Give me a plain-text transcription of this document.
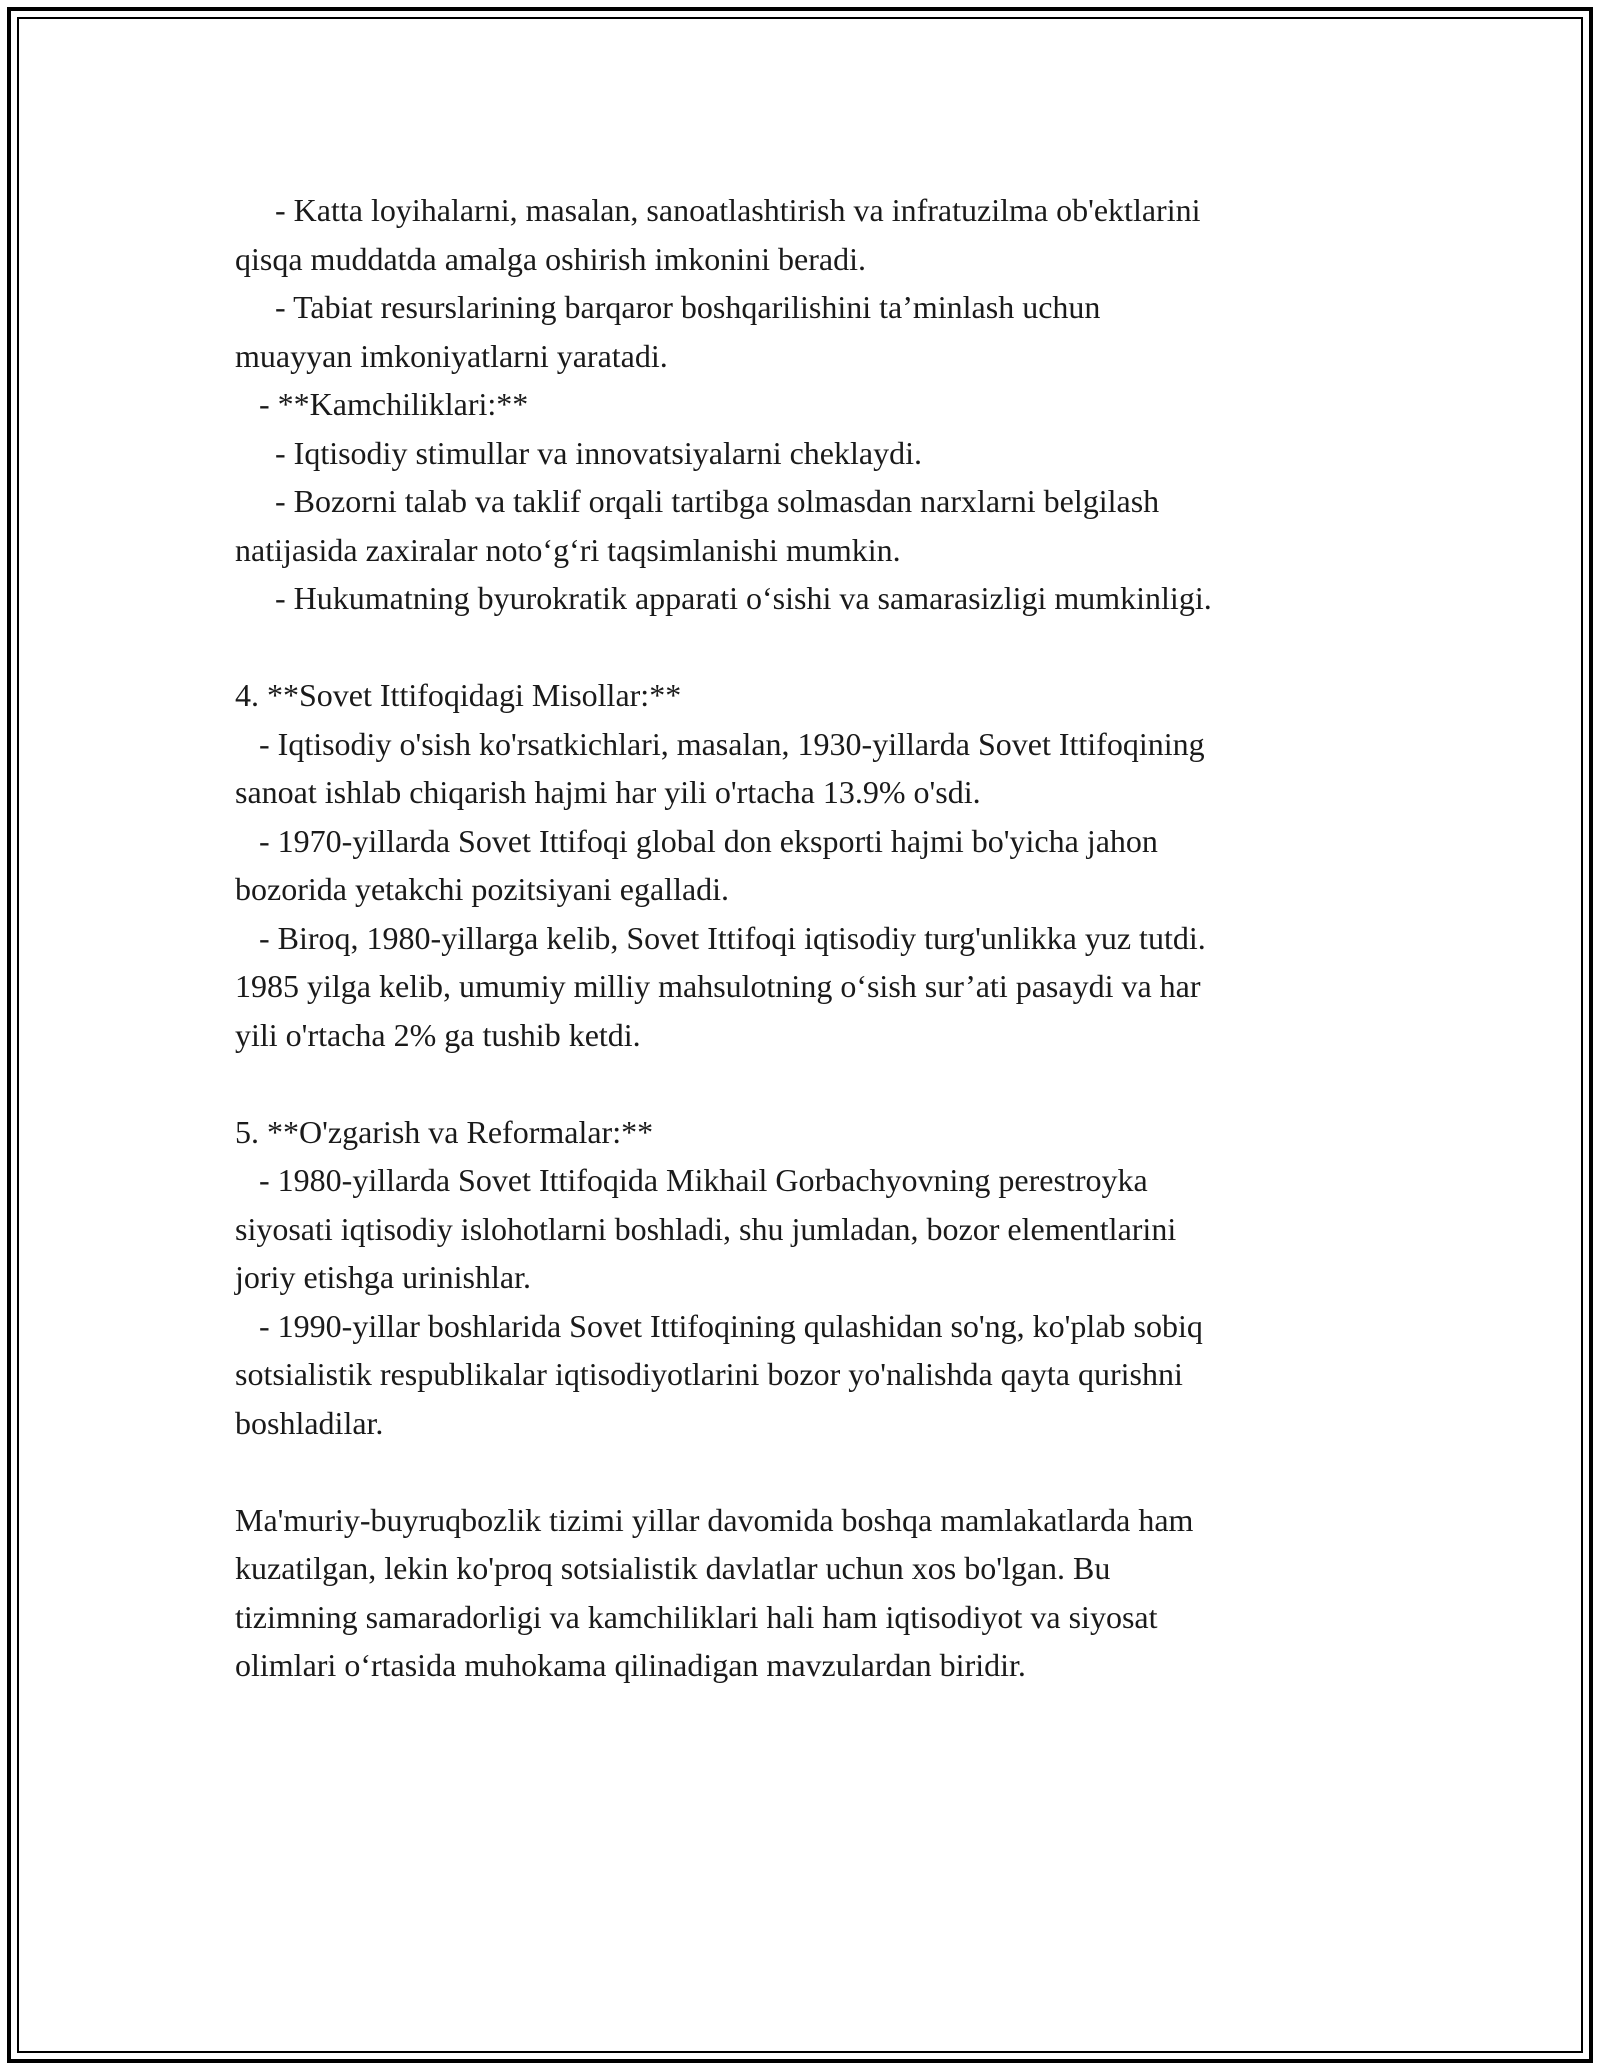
- Katta loyihalarni, masalan, sanoatlashtirish va infratuzilma ob'ektlarini
qisqa muddatda amalga oshirish imkonini beradi.
- Tabiat resurslarining barqaror boshqarilishini ta’minlash uchun
muayyan imkoniyatlarni yaratadi.
- **Kamchiliklari:**
- Iqtisodiy stimullar va innovatsiyalarni cheklaydi.
- Bozorni talab va taklif orqali tartibga solmasdan narxlarni belgilash
natijasida zaxiralar noto‘g‘ri taqsimlanishi mumkin.
- Hukumatning byurokratik apparati o‘sishi va samarasizligi mumkinligi.
4. **Sovet Ittifoqidagi Misollar:**
- Iqtisodiy o'sish ko'rsatkichlari, masalan, 1930-yillarda Sovet Ittifoqining
sanoat ishlab chiqarish hajmi har yili o'rtacha 13.9% o'sdi.
- 1970-yillarda Sovet Ittifoqi global don eksporti hajmi bo'yicha jahon
bozorida yetakchi pozitsiyani egalladi.
- Biroq, 1980-yillarga kelib, Sovet Ittifoqi iqtisodiy turg'unlikka yuz tutdi.
1985 yilga kelib, umumiy milliy mahsulotning o‘sish sur’ati pasaydi va har
yili o'rtacha 2% ga tushib ketdi.
5. **O'zgarish va Reformalar:**
- 1980-yillarda Sovet Ittifoqida Mikhail Gorbachyovning perestroyka
siyosati iqtisodiy islohotlarni boshladi, shu jumladan, bozor elementlarini
joriy etishga urinishlar.
- 1990-yillar boshlarida Sovet Ittifoqining qulashidan so'ng, ko'plab sobiq
sotsialistik respublikalar iqtisodiyotlarini bozor yo'nalishda qayta qurishni
boshladilar.
Ma'muriy-buyruqbozlik tizimi yillar davomida boshqa mamlakatlarda ham
kuzatilgan, lekin ko'proq sotsialistik davlatlar uchun xos bo'lgan. Bu
tizimning samaradorligi va kamchiliklari hali ham iqtisodiyot va siyosat
olimlari o‘rtasida muhokama qilinadigan mavzulardan biridir.
